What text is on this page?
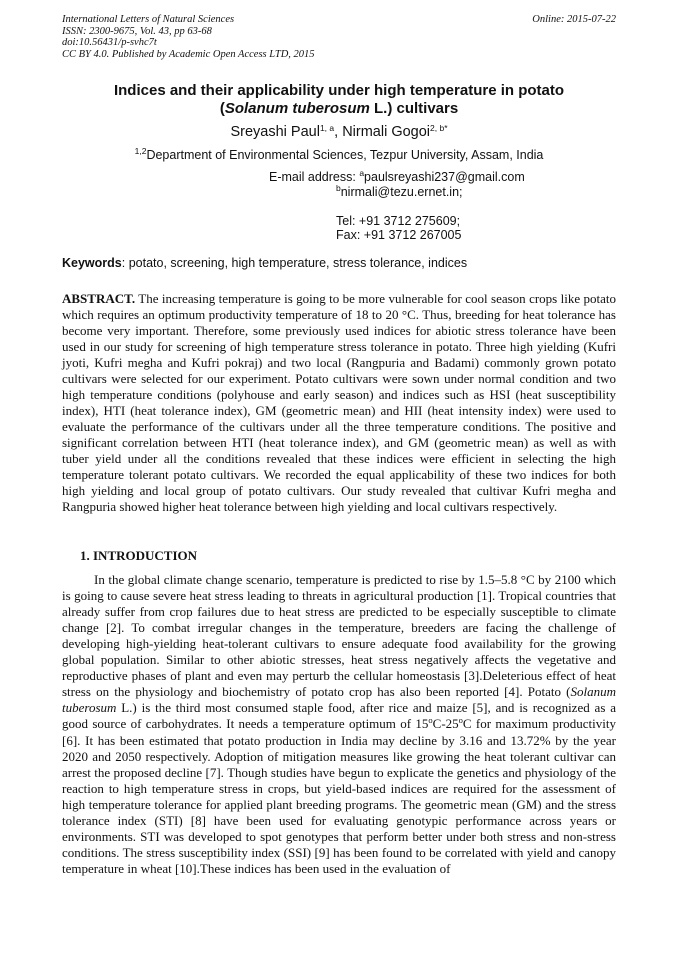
International Letters of Natural Sciences
ISSN: 2300-9675, Vol. 43, pp 63-68
doi:10.56431/p-svhc7t
CC BY 4.0. Published by Academic Open Access LTD, 2015
Online: 2015-07-22
Indices and their applicability under high temperature in potato
(Solanum tuberosum L.) cultivars
Sreyashi Paul$^{1, a}$, Nirmali Gogoi$^{2, b*}$
$^{1,2}$Department of Environmental Sciences, Tezpur University, Assam, India
E-mail address: $^a$paulsreyashi237@gmail.com
$^b$nirmali@tezu.ernet.in;
Tel: +91 3712 275609;
Fax: +91 3712 267005
Keywords: potato, screening, high temperature, stress tolerance, indices
ABSTRACT. The increasing temperature is going to be more vulnerable for cool season crops like potato which requires an optimum productivity temperature of 18 to 20 °C. Thus, breeding for heat tolerance has become very important. Therefore, some previously used indices for abiotic stress tolerance have been used in our study for screening of high temperature stress tolerance in potato. Three high yielding (Kufri jyoti, Kufri megha and Kufri pokraj) and two local (Rangpuria and Badami) commonly grown potato cultivars were selected for our experiment. Potato cultivars were sown under normal condition and two high temperature conditions (polyhouse and early season) and indices such as HSI (heat susceptibility index), HTI (heat tolerance index), GM (geometric mean) and HII (heat intensity index) were used to evaluate the performance of the cultivars under all the three temperature conditions. The positive and significant correlation between HTI (heat tolerance index), and GM (geometric mean) as well as with tuber yield under all the conditions revealed that these indices were efficient in selecting the high temperature tolerant potato cultivars. We recorded the equal applicability of these two indices for both high yielding and local group of potato cultivars. Our study revealed that cultivar Kufri megha and Rangpuria showed higher heat tolerance between high yielding and local cultivars respectively.
1. INTRODUCTION
In the global climate change scenario, temperature is predicted to rise by 1.5–5.8 °C by 2100 which is going to cause severe heat stress leading to threats in agricultural production [1]. Tropical countries that already suffer from crop failures due to heat stress are predicted to be especially susceptible to climate change [2]. To combat irregular changes in the temperature, breeders are facing the challenge of developing high-yielding heat-tolerant cultivars to ensure adequate food availability for the growing global population. Similar to other abiotic stresses, heat stress negatively affects the vegetative and reproductive phases of plant and even may perturb the cellular homeostasis [3].Deleterious effect of heat stress on the physiology and biochemistry of potato crop has also been reported [4]. Potato (Solanum tuberosum L.) is the third most consumed staple food, after rice and maize [5], and is recognized as a good source of carbohydrates. It needs a temperature optimum of 15$^o$C-25$^o$C for maximum productivity [6]. It has been estimated that potato production in India may decline by 3.16 and 13.72% by the year 2020 and 2050 respectively. Adoption of mitigation measures like growing the heat tolerant cultivar can arrest the proposed decline [7]. Though studies have begun to explicate the genetics and physiology of the reaction to high temperature stress in crops, but yield-based indices are required for the assessment of high temperature tolerance for applied plant breeding programs. The geometric mean (GM) and the stress tolerance index (STI) [8] have been used for evaluating genotypic performance across years or environments. STI was developed to spot genotypes that perform better under both stress and non-stress conditions. The stress susceptibility index (SSI) [9] has been found to be correlated with yield and canopy temperature in wheat [10].These indices has been used in the evaluation of
